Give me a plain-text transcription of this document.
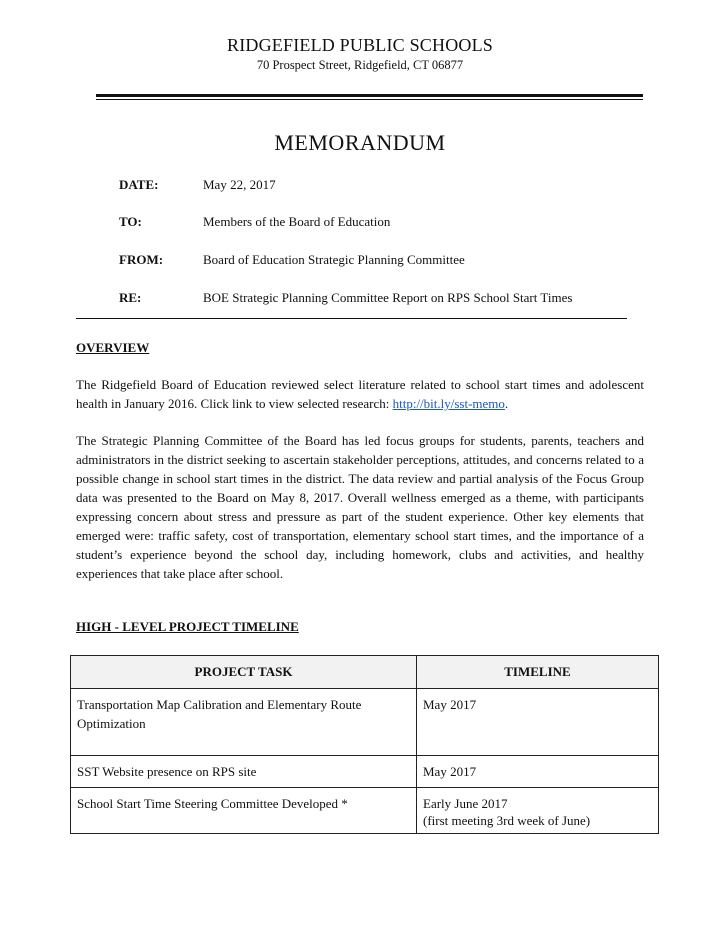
RIDGEFIELD PUBLIC SCHOOLS
70 Prospect Street, Ridgefield, CT 06877
MEMORANDUM
DATE:	May 22, 2017
TO:	Members of the Board of Education
FROM:	Board of Education Strategic Planning Committee
RE:	BOE Strategic Planning Committee Report on RPS School Start Times
OVERVIEW
The Ridgefield Board of Education reviewed select literature related to school start times and adolescent health in January 2016. Click link to view selected research: http://bit.ly/sst-memo.
The Strategic Planning Committee of the Board has led focus groups for students, parents, teachers and administrators in the district seeking to ascertain stakeholder perceptions, attitudes, and concerns related to a possible change in school start times in the district. The data review and partial analysis of the Focus Group data was presented to the Board on May 8, 2017. Overall wellness emerged as a theme, with participants expressing concern about stress and pressure as part of the student experience. Other key elements that emerged were: traffic safety, cost of transportation, elementary school start times, and the importance of a student’s experience beyond the school day, including homework, clubs and activities, and healthy experiences that take place after school.
HIGH - LEVEL PROJECT TIMELINE
PROJECT TASK	TIMELINE
Transportation Map Calibration and Elementary Route Optimization	May 2017

SST Website presence on RPS site	May 2017

School Start Time Steering Committee Developed *	Early June 2017
(first meeting 3rd week of June)
